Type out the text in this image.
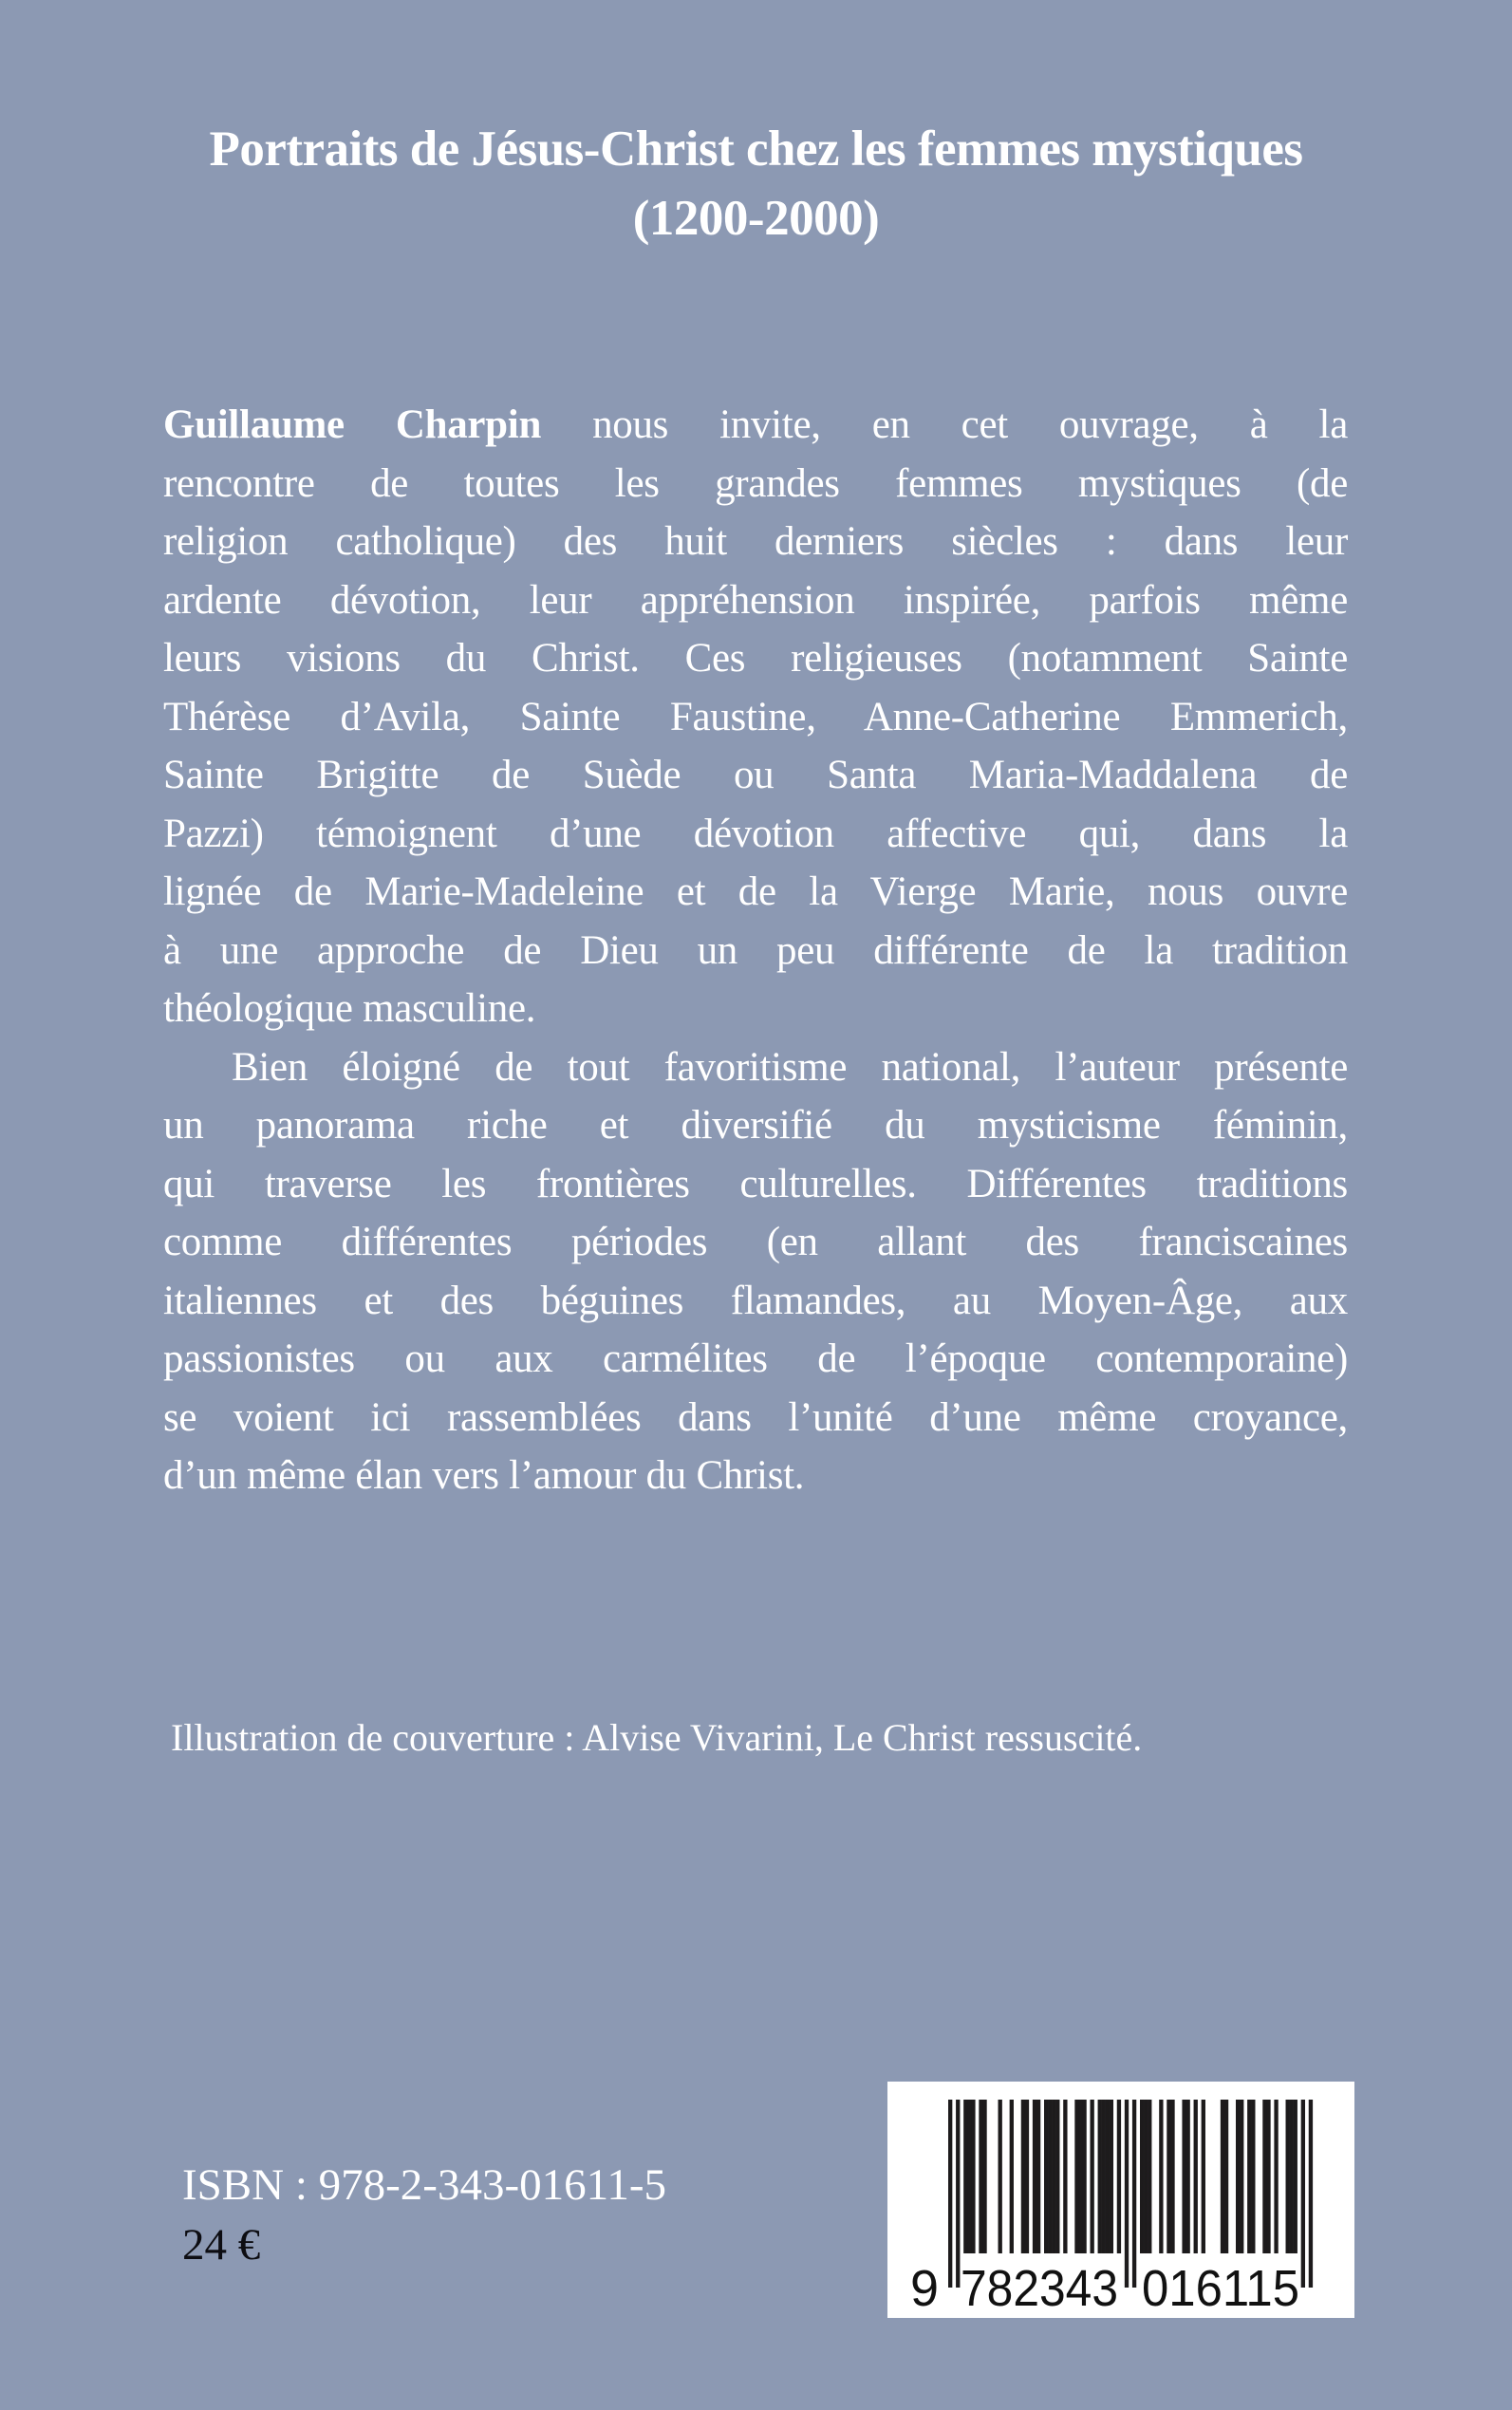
Portraits de Jésus-Christ chez les femmes mystiques
(1200-2000)
Guillaume Charpin nous invite, en cet ouvrage, à la
rencontre de toutes les grandes femmes mystiques (de
religion catholique) des huit derniers siècles : dans leur
ardente dévotion, leur appréhension inspirée, parfois même
leurs visions du Christ. Ces religieuses (notamment Sainte
Thérèse d’Avila, Sainte Faustine, Anne-Catherine Emmerich,
Sainte Brigitte de Suède ou Santa Maria-Maddalena de
Pazzi) témoignent d’une dévotion affective qui, dans la
lignée de Marie-Madeleine et de la Vierge Marie, nous ouvre
à une approche de Dieu un peu différente de la tradition
théologique masculine.
Bien éloigné de tout favoritisme national, l’auteur présente
un panorama riche et diversifié du mysticisme féminin,
qui traverse les frontières culturelles. Différentes traditions
comme différentes périodes (en allant des franciscaines
italiennes et des béguines flamandes, au Moyen-Âge, aux
passionistes ou aux carmélites de l’époque contemporaine)
se voient ici rassemblées dans l’unité d’une même croyance,
d’un même élan vers l’amour du Christ.
Illustration de couverture : Alvise Vivarini, Le Christ ressuscité.
ISBN : 978-2-343-01611-5
24 €
9 782343 016115
